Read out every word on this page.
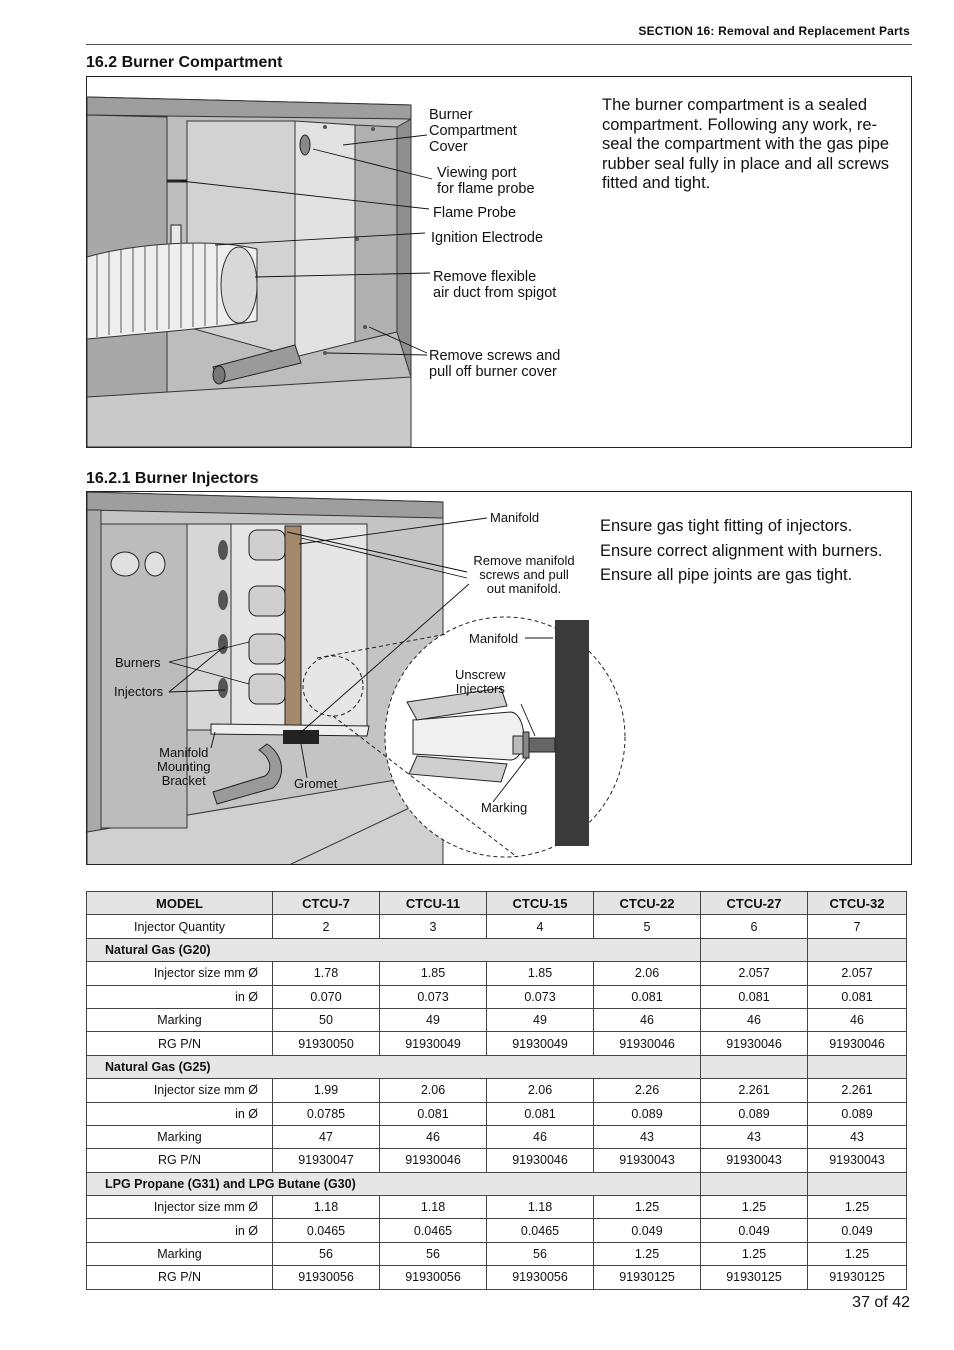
SECTION 16: Removal and Replacement Parts
16.2 Burner Compartment
Burner
Compartment
Cover
Viewing port
for flame probe
Flame Probe
Ignition Electrode
Remove flexible
air duct from spigot
Remove screws and
pull off burner cover
The burner compartment is a sealed compartment. Following any work, re-seal the compartment with the gas pipe rubber seal fully in place and all screws fitted and tight.
16.2.1 Burner Injectors
Manifold
Remove manifold
screws and pull
out manifold.
Manifold
Unscrew
Injectors
Burners
Injectors
Manifold
Mounting
Bracket	Gromet
Marking
Ensure gas tight fitting of injectors.
Ensure correct alignment with burners.
Ensure all pipe joints are gas tight.
MODEL	CTCU-7	CTCU-11	CTCU-15	CTCU-22	CTCU-27	CTCU-32
Injector Quantity	2	3	4	5	6	7
Natural Gas (G20)						
Injector size mm Ø	1.78	1.85	1.85	2.06	2.057	2.057
in Ø	0.070	0.073	0.073	0.081	0.081	0.081
Marking	50	49	49	46	46	46
RG P/N	91930050	91930049	91930049	91930046	91930046	91930046
Natural Gas (G25)						
Injector size mm Ø	1.99	2.06	2.06	2.26	2.261	2.261
in Ø	0.0785	0.081	0.081	0.089	0.089	0.089
Marking	47	46	46	43	43	43
RG P/N	91930047	91930046	91930046	91930043	91930043	91930043
LPG Propane (G31) and LPG Butane (G30)						
Injector size mm Ø	1.18	1.18	1.18	1.25	1.25	1.25
in Ø	0.0465	0.0465	0.0465	0.049	0.049	0.049
Marking	56	56	56	1.25	1.25	1.25
RG P/N	91930056	91930056	91930056	91930125	91930125	91930125
37 of 42
